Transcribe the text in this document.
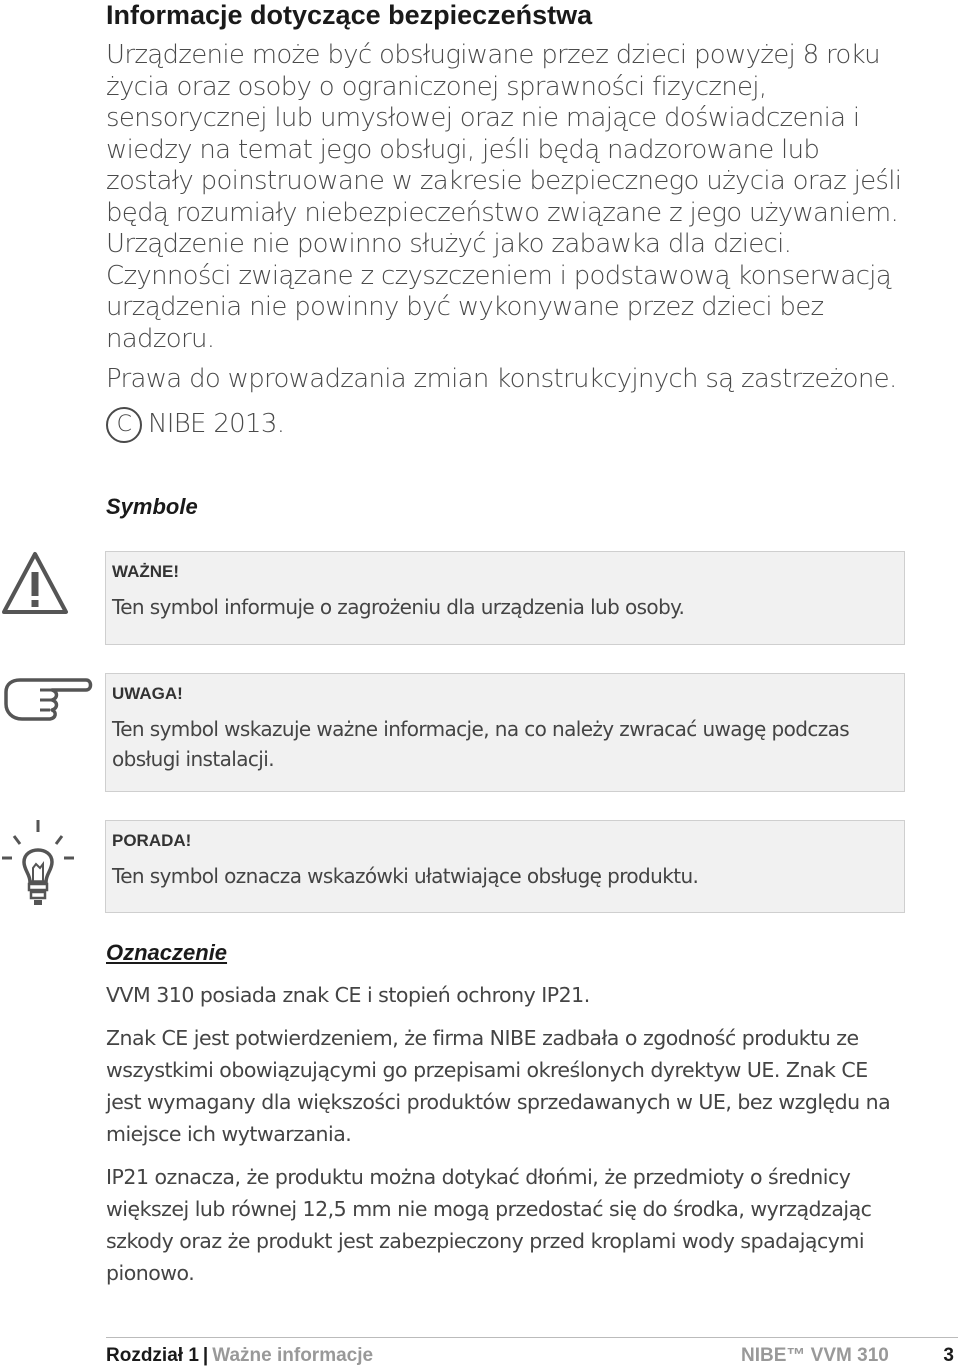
Informacje dotyczące bezpieczeństwa

Urządzenie może być obsługiwane przez dzieci powyżej 8 roku życia oraz osoby o ograniczonej sprawności fizycznej, sensorycznej lub umysłowej oraz nie mające doświadczenia i wiedzy na temat jego obsługi, jeśli będą nadzorowane lub zostały poinstruowane w zakresie bezpiecznego użycia oraz jeśli będą rozumiały niebezpieczeństwo związane z jego używaniem. Urządzenie nie powinno służyć jako zabawka dla dzieci. Czynności związane z czyszczeniem i podstawową konserwacją urządzenia nie powinny być wykonywane przez dzieci bez nadzoru.

Prawa do wprowadzania zmian konstrukcyjnych są zastrzeżone.

C NIBE 2013.

Symbole

WAŻNE!

Ten symbol informuje o zagrożeniu dla urządzenia lub osoby.

UWAGA!

Ten symbol wskazuje ważne informacje, na co należy zwracać uwagę podczas obsługi instalacji.

PORADA!

Ten symbol oznacza wskazówki ułatwiające obsługę produktu.

Oznaczenie

VVM 310 posiada znak CE i stopień ochrony IP21.

Znak CE jest potwierdzeniem, że firma NIBE zadbała o zgodność produktu ze wszystkimi obowiązującymi go przepisami określonych dyrektyw UE. Znak CE jest wymagany dla większości produktów sprzedawanych w UE, bez względu na miejsce ich wytwarzania.

IP21 oznacza, że produktu można dotykać dłońmi, że przedmioty o średnicy większej lub równej 12,5 mm nie mogą przedostać się do środka, wyrządzając szkody oraz że produkt jest zabezpieczony przed kroplami wody spadającymi pionowo.

Rozdział 1 | Ważne informacje	NIBE™ VVM 310	3
